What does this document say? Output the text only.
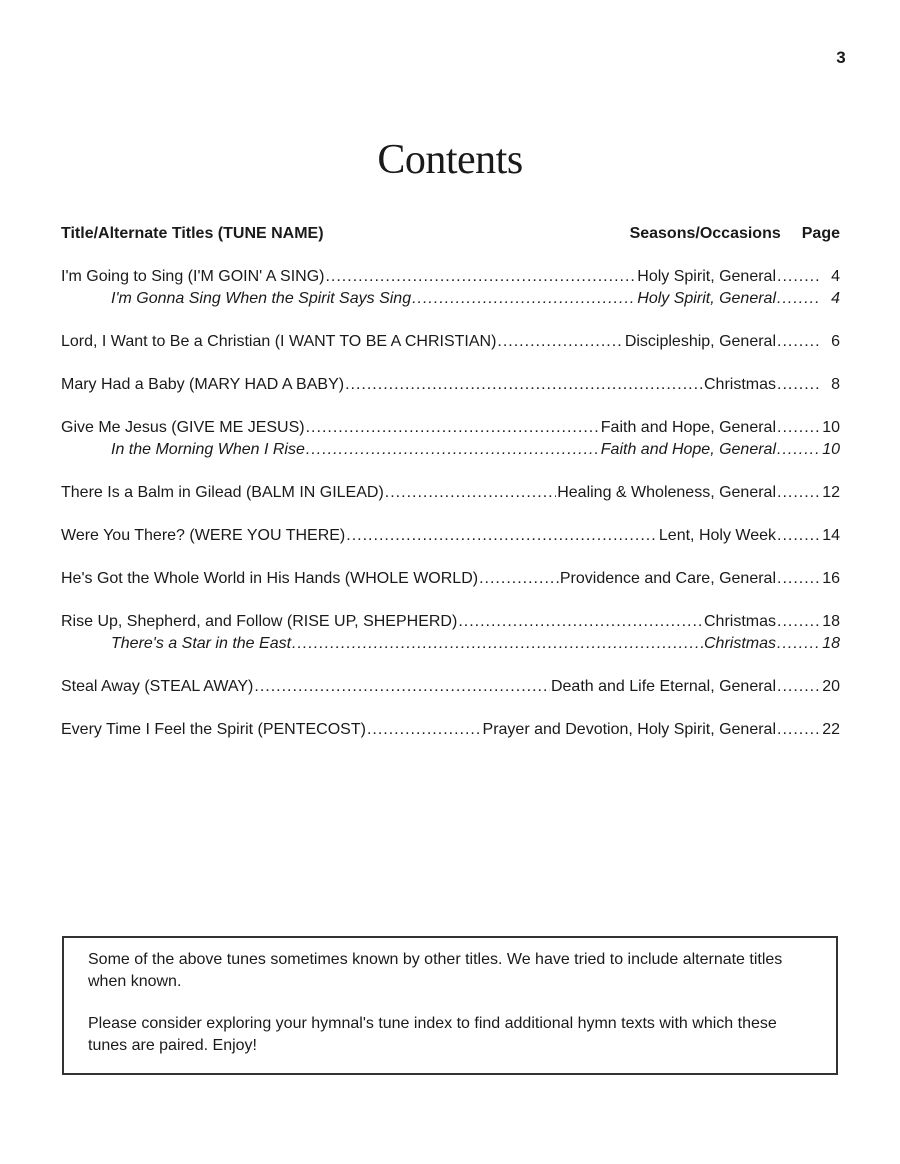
3
Contents
Title/Alternate Titles (TUNE NAME)	Seasons/Occasions Page
I'm Going to Sing (I'M GOIN' A SING) .....	Holy Spirit, General .....	4
I'm Gonna Sing When the Spirit Says Sing .....	Holy Spirit, General .....	4
Lord, I Want to Be a Christian (I WANT TO BE A CHRISTIAN) .....	Discipleship, General .....	6
Mary Had a Baby (MARY HAD A BABY) .....	Christmas .....	8
Give Me Jesus (GIVE ME JESUS) .....	Faith and Hope, General .....	10
In the Morning When I Rise .....	Faith and Hope, General .....	10
There Is a Balm in Gilead (BALM IN GILEAD) .....	Healing & Wholeness, General .....	12
Were You There? (WERE YOU THERE) .....	Lent, Holy Week .....	14
He's Got the Whole World in His Hands (WHOLE WORLD) .....	Providence and Care, General .....	16
Rise Up, Shepherd, and Follow (RISE UP, SHEPHERD) .....	Christmas .....	18
There's a Star in the East .....	Christmas .....	18
Steal Away (STEAL AWAY) .....	Death and Life Eternal, General .....	20
Every Time I Feel the Spirit (PENTECOST) .....	Prayer and Devotion, Holy Spirit, General .....	22

Some of the above tunes sometimes known by other titles. We have tried to include alternate titles when known.

Please consider exploring your hymnal's tune index to find additional hymn texts with which these tunes are paired. Enjoy!
